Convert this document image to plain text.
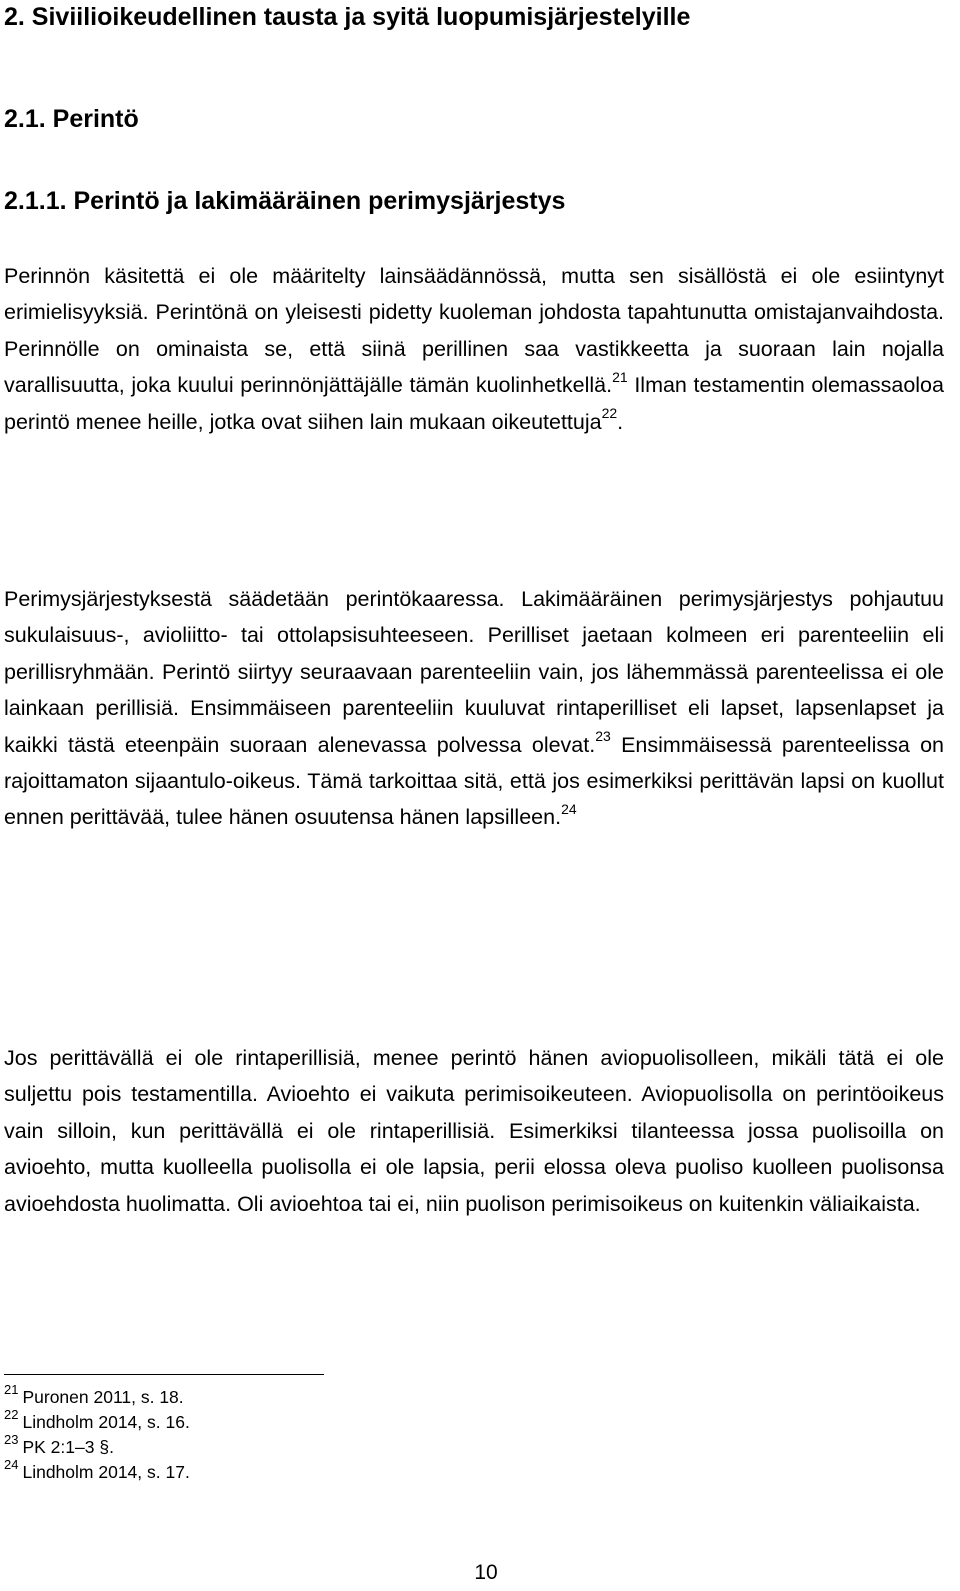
2. Siviilioikeudellinen tausta ja syitä luopumisjärjestelyille
2.1. Perintö
2.1.1. Perintö ja lakimääräinen perimysjärjestys

Perinnön käsitettä ei ole määritelty lainsäädännössä, mutta sen sisällöstä ei ole esiintynyt erimielisyyksiä. Perintönä on yleisesti pidetty kuoleman johdosta tapahtunutta omistajanvaihdosta. Perinnölle on ominaista se, että siinä perillinen saa vastikkeetta ja suoraan lain nojalla varallisuutta, joka kuului perinnönjättäjälle tämän kuolinhetkellä.$^{21}$ Ilman testamentin olemassaoloa perintö menee heille, jotka ovat siihen lain mukaan oikeutettuja$^{22}$.

Perimysjärjestyksestä säädetään perintökaaressa. Lakimääräinen perimysjärjestys pohjautuu sukulaisuus-, avioliitto- tai ottolapsisuhteeseen. Perilliset jaetaan kolmeen eri parenteeliin eli perillisryhmään. Perintö siirtyy seuraavaan parenteeliin vain, jos lähemmässä parenteelissa ei ole lainkaan perillisiä. Ensimmäiseen parenteeliin kuuluvat rintaperilliset eli lapset, lapsenlapset ja kaikki tästä eteenpäin suoraan alenevassa polvessa olevat.$^{23}$ Ensimmäisessä parenteelissa on rajoittamaton sijaantulo-oikeus. Tämä tarkoittaa sitä, että jos esimerkiksi perittävän lapsi on kuollut ennen perittävää, tulee hänen osuutensa hänen lapsilleen.$^{24}$

Jos perittävällä ei ole rintaperillisiä, menee perintö hänen aviopuolisolleen, mikäli tätä ei ole suljettu pois testamentilla. Avioehto ei vaikuta perimisoikeuteen. Aviopuolisolla on perintöoikeus vain silloin, kun perittävällä ei ole rintaperillisiä. Esimerkiksi tilanteessa jossa puolisoilla on avioehto, mutta kuolleella puolisolla ei ole lapsia, perii elossa oleva puoliso kuolleen puolisonsa avioehdosta huolimatta. Oli avioehtoa tai ei, niin puolison perimisoikeus on kuitenkin väliaikaista.

$^{21}$ Puronen 2011, s. 18.
$^{22}$ Lindholm 2014, s. 16.
$^{23}$ PK 2:1–3 §.
$^{24}$ Lindholm 2014, s. 17.
10
